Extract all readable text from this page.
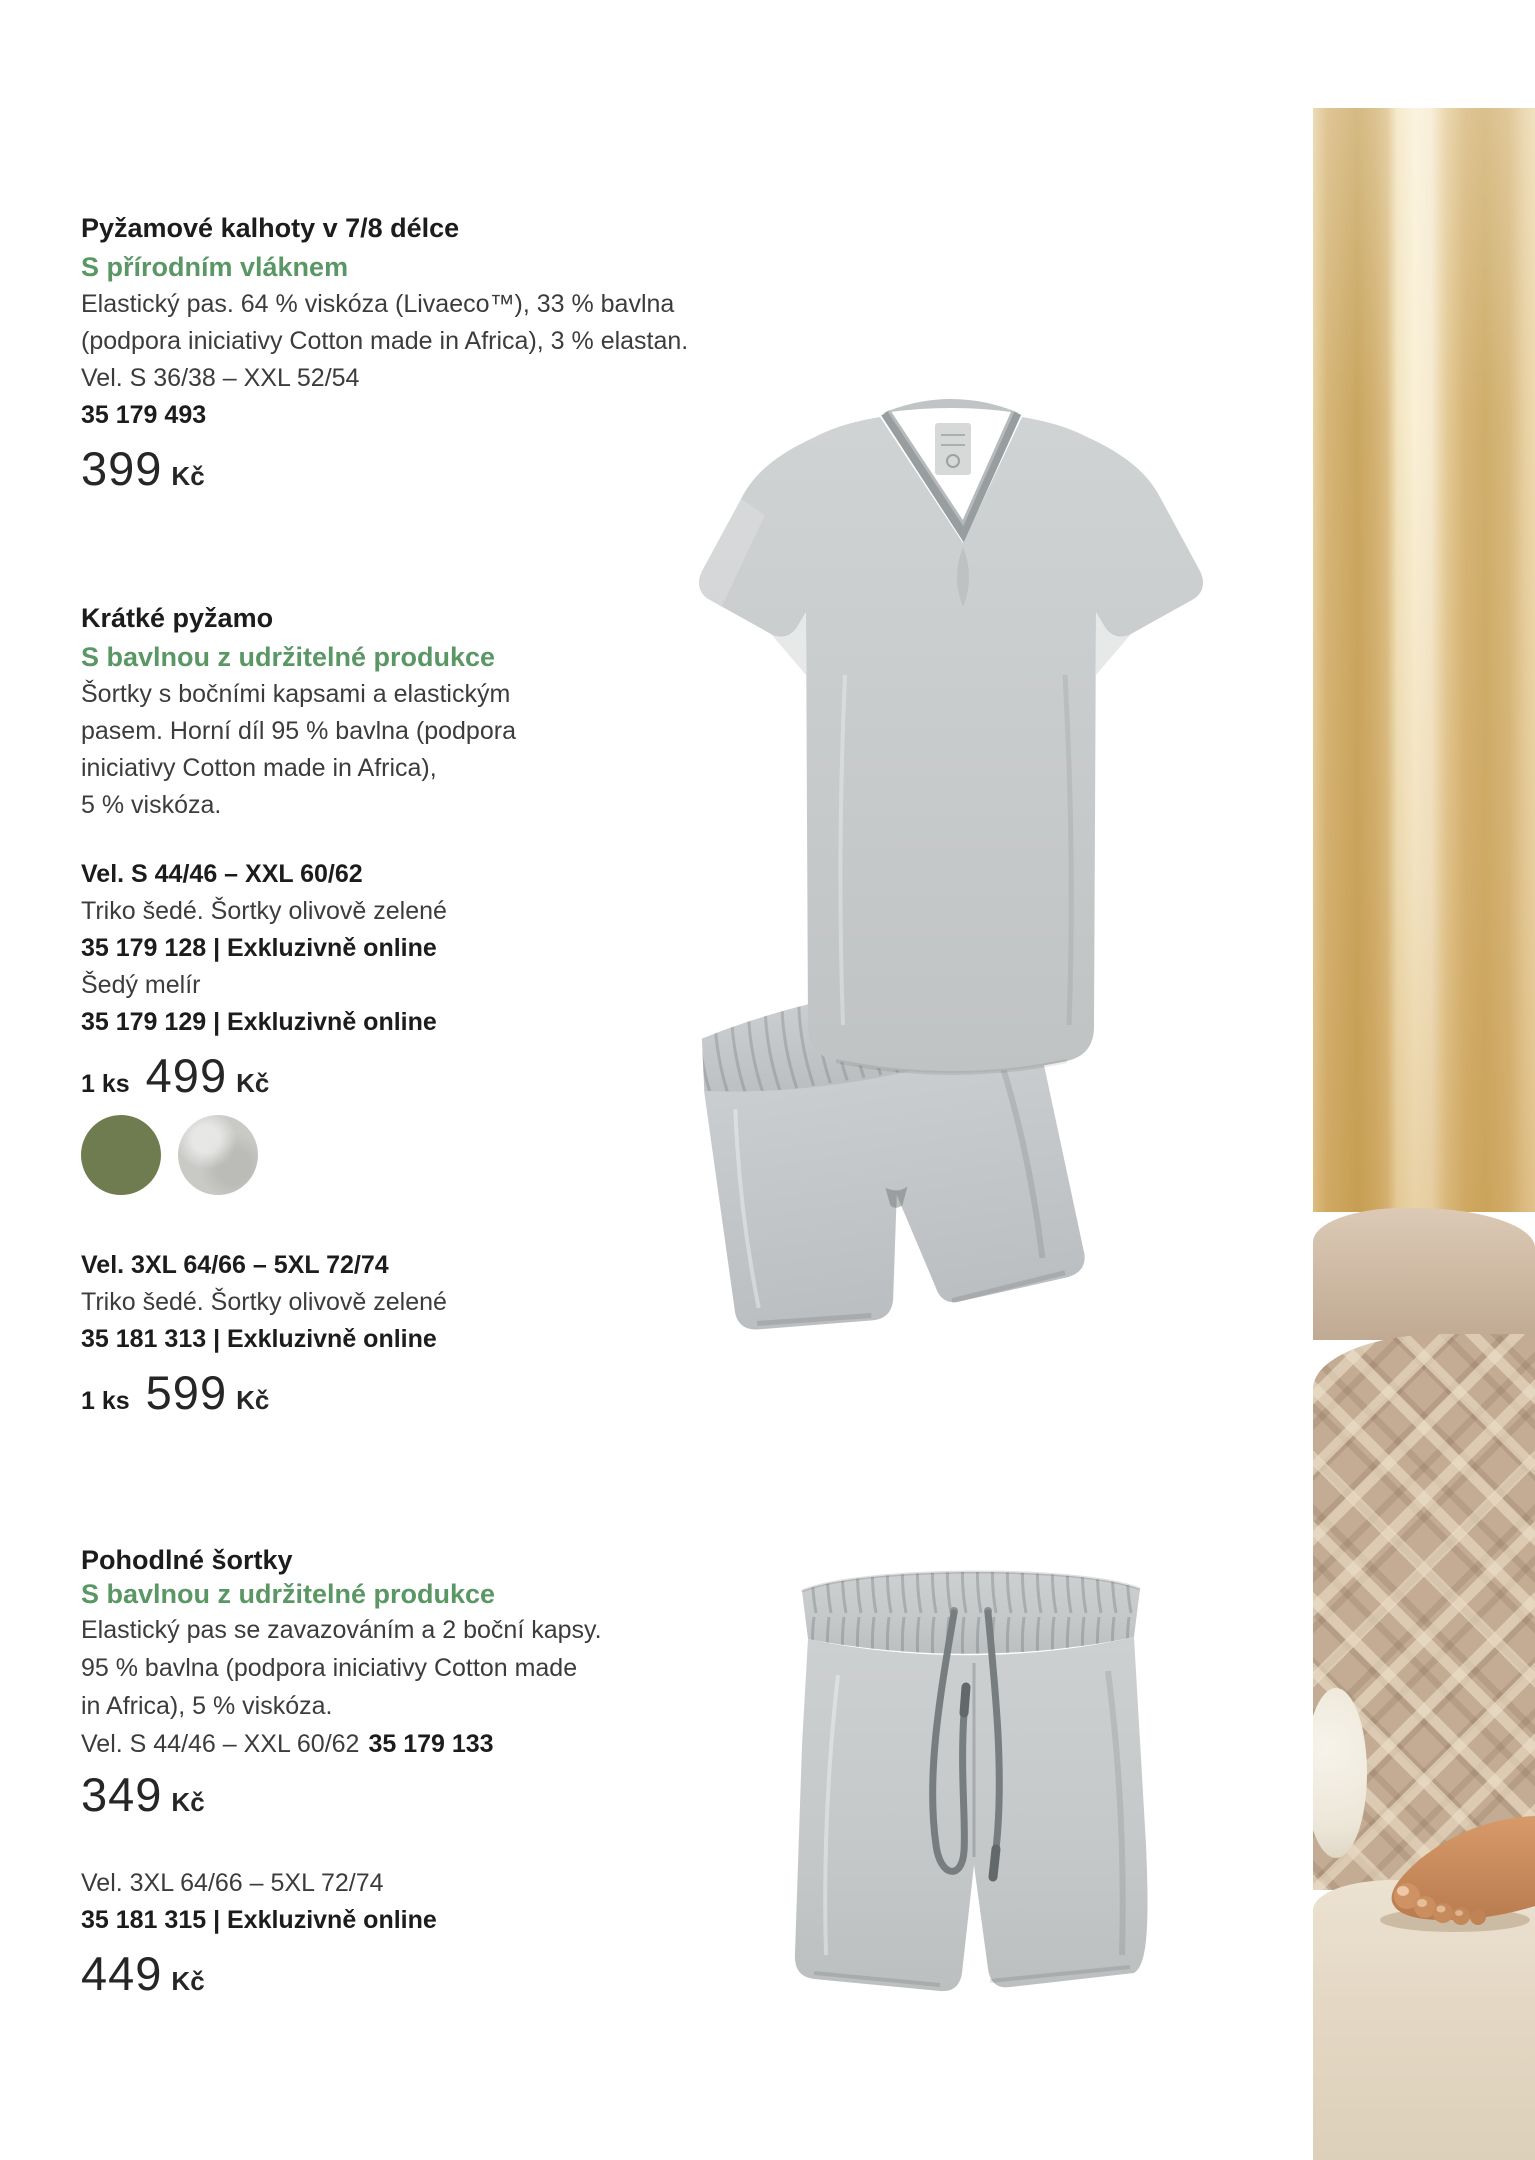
Pyžamové kalhoty v 7/8 délce
S přírodním vláknem
Elastický pas. 64 % viskóza (Livaeco™), 33 % bavlna
(podpora iniciativy Cotton made in Africa), 3 % elastan.
Vel. S 36/38 – XXL 52/54
35 179 493
399 Kč
Krátké pyžamo
S bavlnou z udržitelné produkce
Šortky s bočními kapsami a elastickým
pasem. Horní díl 95 % bavlna (podpora
iniciativy Cotton made in Africa),
5 % viskóza.
Vel. S 44/46 – XXL 60/62
Triko šedé. Šortky olivově zelené
35 179 128 | Exkluzivně online
Šedý melír
35 179 129 | Exkluzivně online
1 ks 499 Kč
Vel. 3XL 64/66 – 5XL 72/74
Triko šedé. Šortky olivově zelené
35 181 313 | Exkluzivně online
1 ks 599 Kč
Pohodlné šortky
S bavlnou z udržitelné produkce
Elastický pas se zavazováním a 2 boční kapsy.
95 % bavlna (podpora iniciativy Cotton made
in Africa), 5 % viskóza.
Vel. S 44/46 – XXL 60/62 35 179 133
349 Kč
Vel. 3XL 64/66 – 5XL 72/74
35 181 315 | Exkluzivně online
449 Kč
